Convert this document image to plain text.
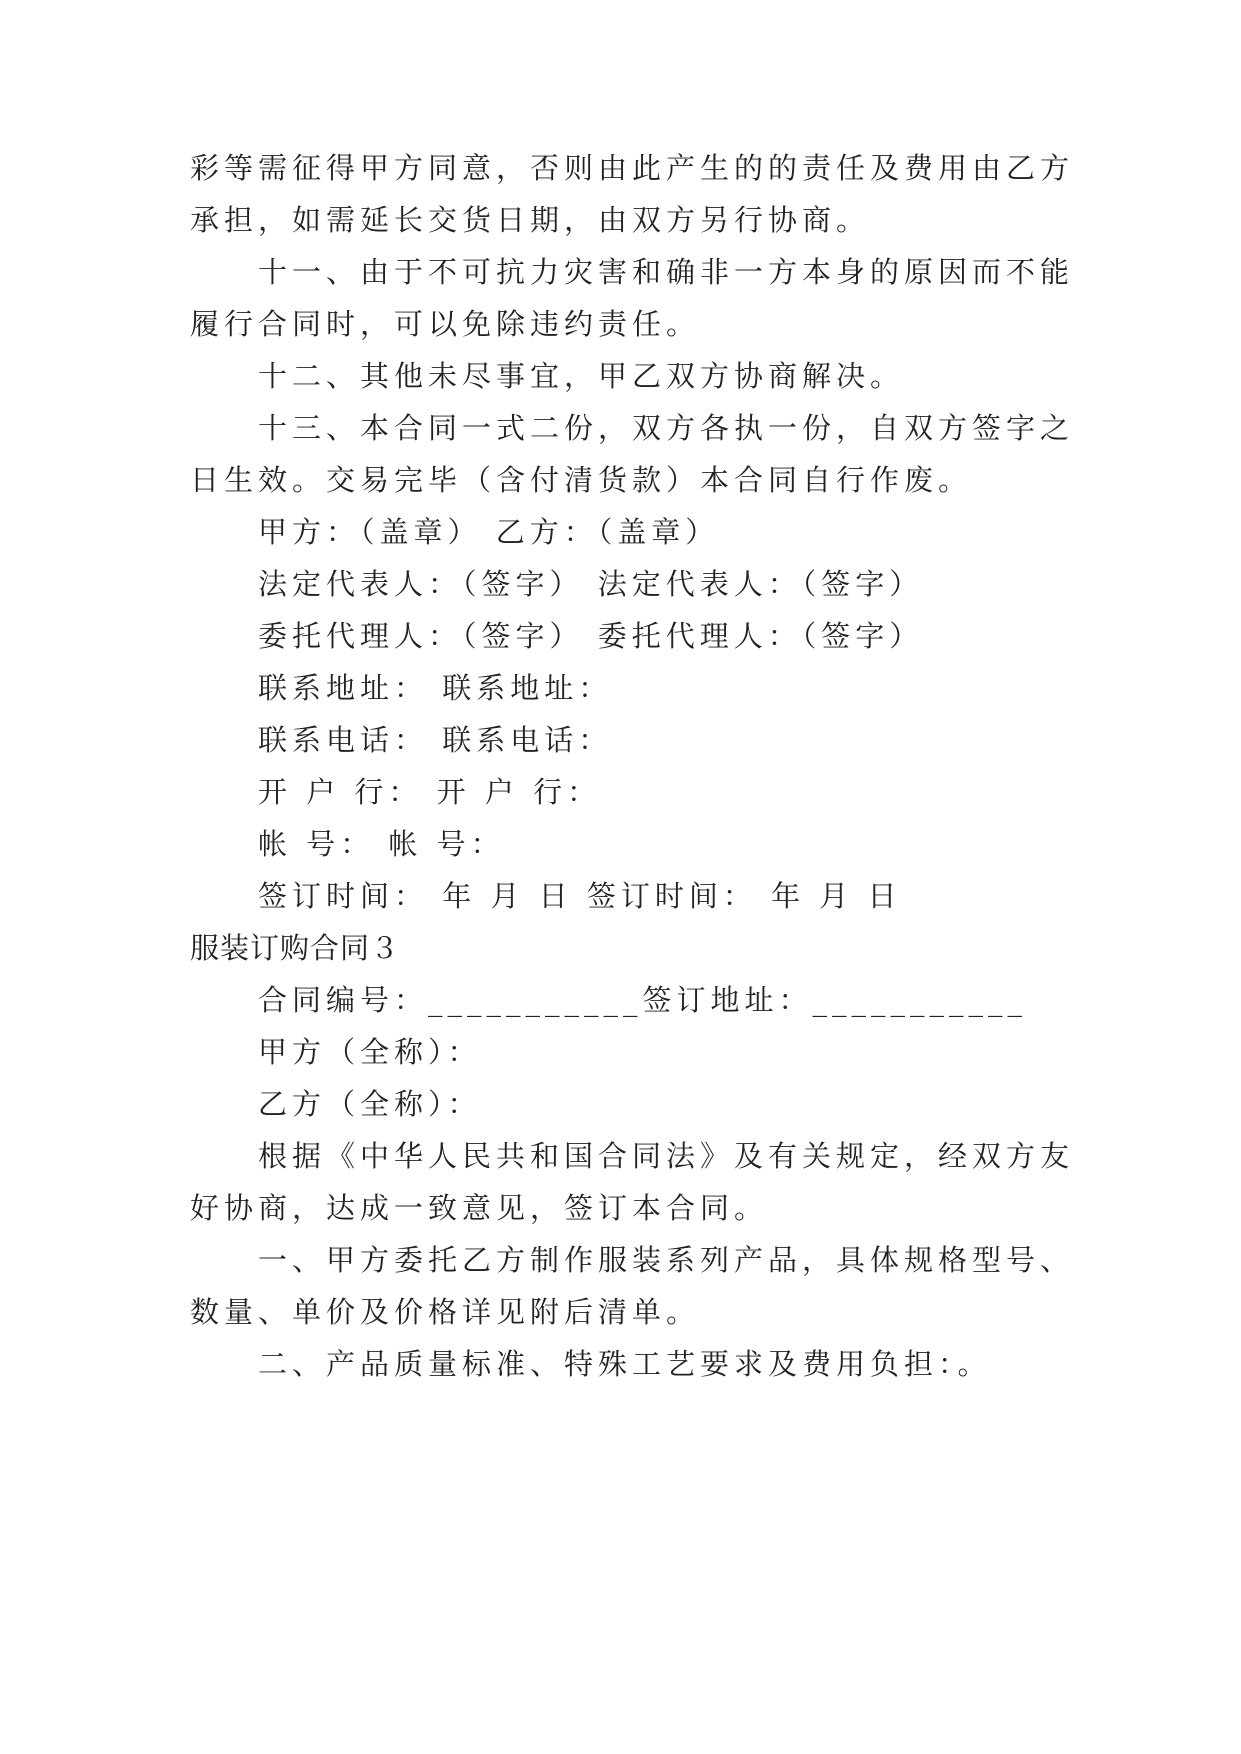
彩等需征得甲方同意，否则由此产生的的责任及费用由乙方
承担，如需延长交货日期，由双方另行协商。
十一、由于不可抗力灾害和确非一方本身的原因而不能
履行合同时，可以免除违约责任。
十二、其他未尽事宜，甲乙双方协商解决。
十三、本合同一式二份，双方各执一份，自双方签字之
日生效。交易完毕（含付清货款）本合同自行作废。
甲方：（盖章） 乙方：（盖章）
法定代表人：（签字） 法定代表人：（签字）
委托代理人：（签字） 委托代理人：（签字）
联系地址： 联系地址：
联系电话： 联系电话：
开 户 行： 开 户 行：
帐 号： 帐 号：
签订时间： 年 月 日 签订时间： 年 月 日
服装订购合同３
合同编号：___________签订地址：___________
甲方（全称）：
乙方（全称）：
根据《中华人民共和国合同法》及有关规定，经双方友
好协商，达成一致意见，签订本合同。
一、甲方委托乙方制作服装系列产品，具体规格型号、
数量、单价及价格详见附后清单。
二、产品质量标准、特殊工艺要求及费用负担：。
